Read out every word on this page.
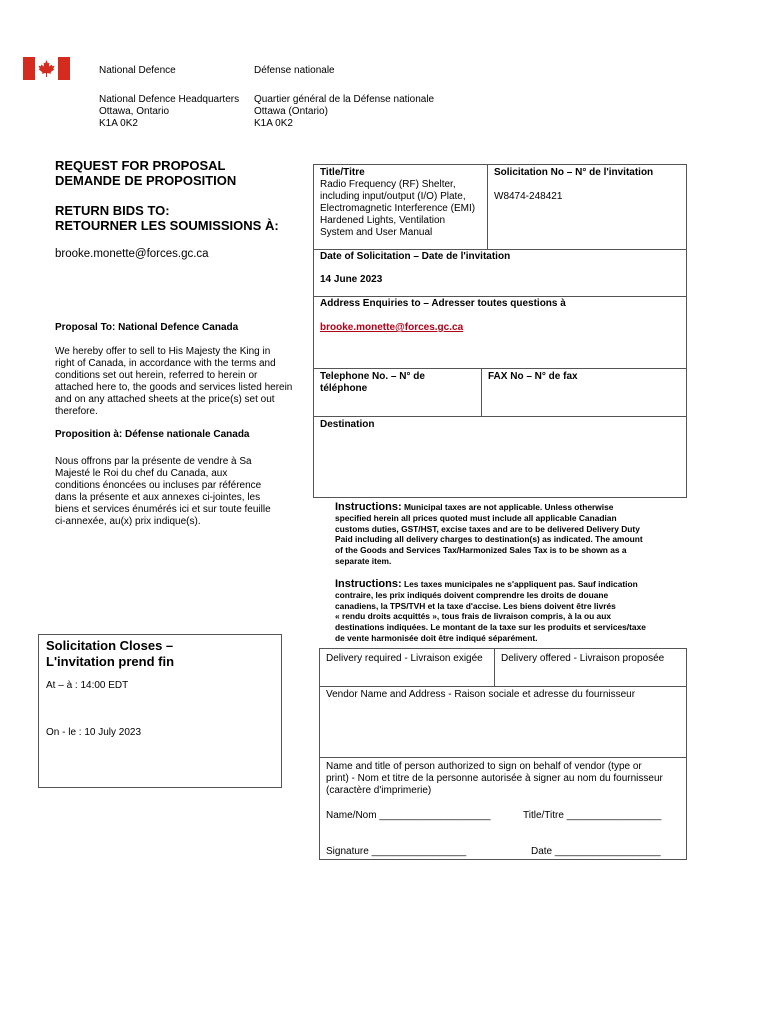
National Defence	Défense nationale
National Defence Headquarters
Ottawa, Ontario
K1A 0K2
Quartier général de la Défense nationale
Ottawa (Ontario)
K1A 0K2
REQUEST FOR PROPOSAL
DEMANDE DE PROPOSITION
RETURN BIDS TO:
RETOURNER LES SOUMISSIONS À:
brooke.monette@forces.gc.ca
Proposal To: National Defence Canada
We hereby offer to sell to His Majesty the King in
right of Canada, in accordance with the terms and
conditions set out herein, referred to herein or
attached here to, the goods and services listed herein
and on any attached sheets at the price(s) set out
therefore.
Proposition à: Défense nationale Canada
Nous offrons par la présente de vendre à Sa
Majesté le Roi du chef du Canada, aux
conditions énoncées ou incluses par référence
dans la présente et aux annexes ci-jointes, les
biens et services énumérés ici et sur toute feuille
ci-annexée, au(x) prix indique(s).
Solicitation Closes –
L'invitation prend fin
At – à : 14:00 EDT
On - le : 10 July 2023
Title/Titre
Radio Frequency (RF) Shelter,
including input/output (I/O) Plate,
Electromagnetic Interference (EMI)
Hardened Lights, Ventilation
System and User Manual
Solicitation No – N° de l'invitation
W8474-248421
Date of Solicitation – Date de l'invitation
14 June 2023
Address Enquiries to – Adresser toutes questions à
brooke.monette@forces.gc.ca
Telephone No. – N° de
téléphone
FAX No – N° de fax
Destination
Instructions: Municipal taxes are not applicable. Unless otherwise
specified herein all prices quoted must include all applicable Canadian
customs duties, GST/HST, excise taxes and are to be delivered Delivery Duty
Paid including all delivery charges to destination(s) as indicated. The amount
of the Goods and Services Tax/Harmonized Sales Tax is to be shown as a
separate item.
Instructions: Les taxes municipales ne s'appliquent pas. Sauf indication
contraire, les prix indiqués doivent comprendre les droits de douane
canadiens, la TPS/TVH et la taxe d'accise. Les biens doivent être livrés
« rendu droits acquittés », tous frais de livraison compris, à la ou aux
destinations indiquées. Le montant de la taxe sur les produits et services/taxe
de vente harmonisée doit être indiqué séparément.
Delivery required - Livraison exigée Delivery offered - Livraison proposée
Vendor Name and Address - Raison sociale et adresse du fournisseur
Name and title of person authorized to sign on behalf of vendor (type or
print) - Nom et titre de la personne autorisée à signer au nom du fournisseur
(caractère d'imprimerie)
Name/Nom ____________________	Title/Titre _________________
Signature _________________	Date ___________________
